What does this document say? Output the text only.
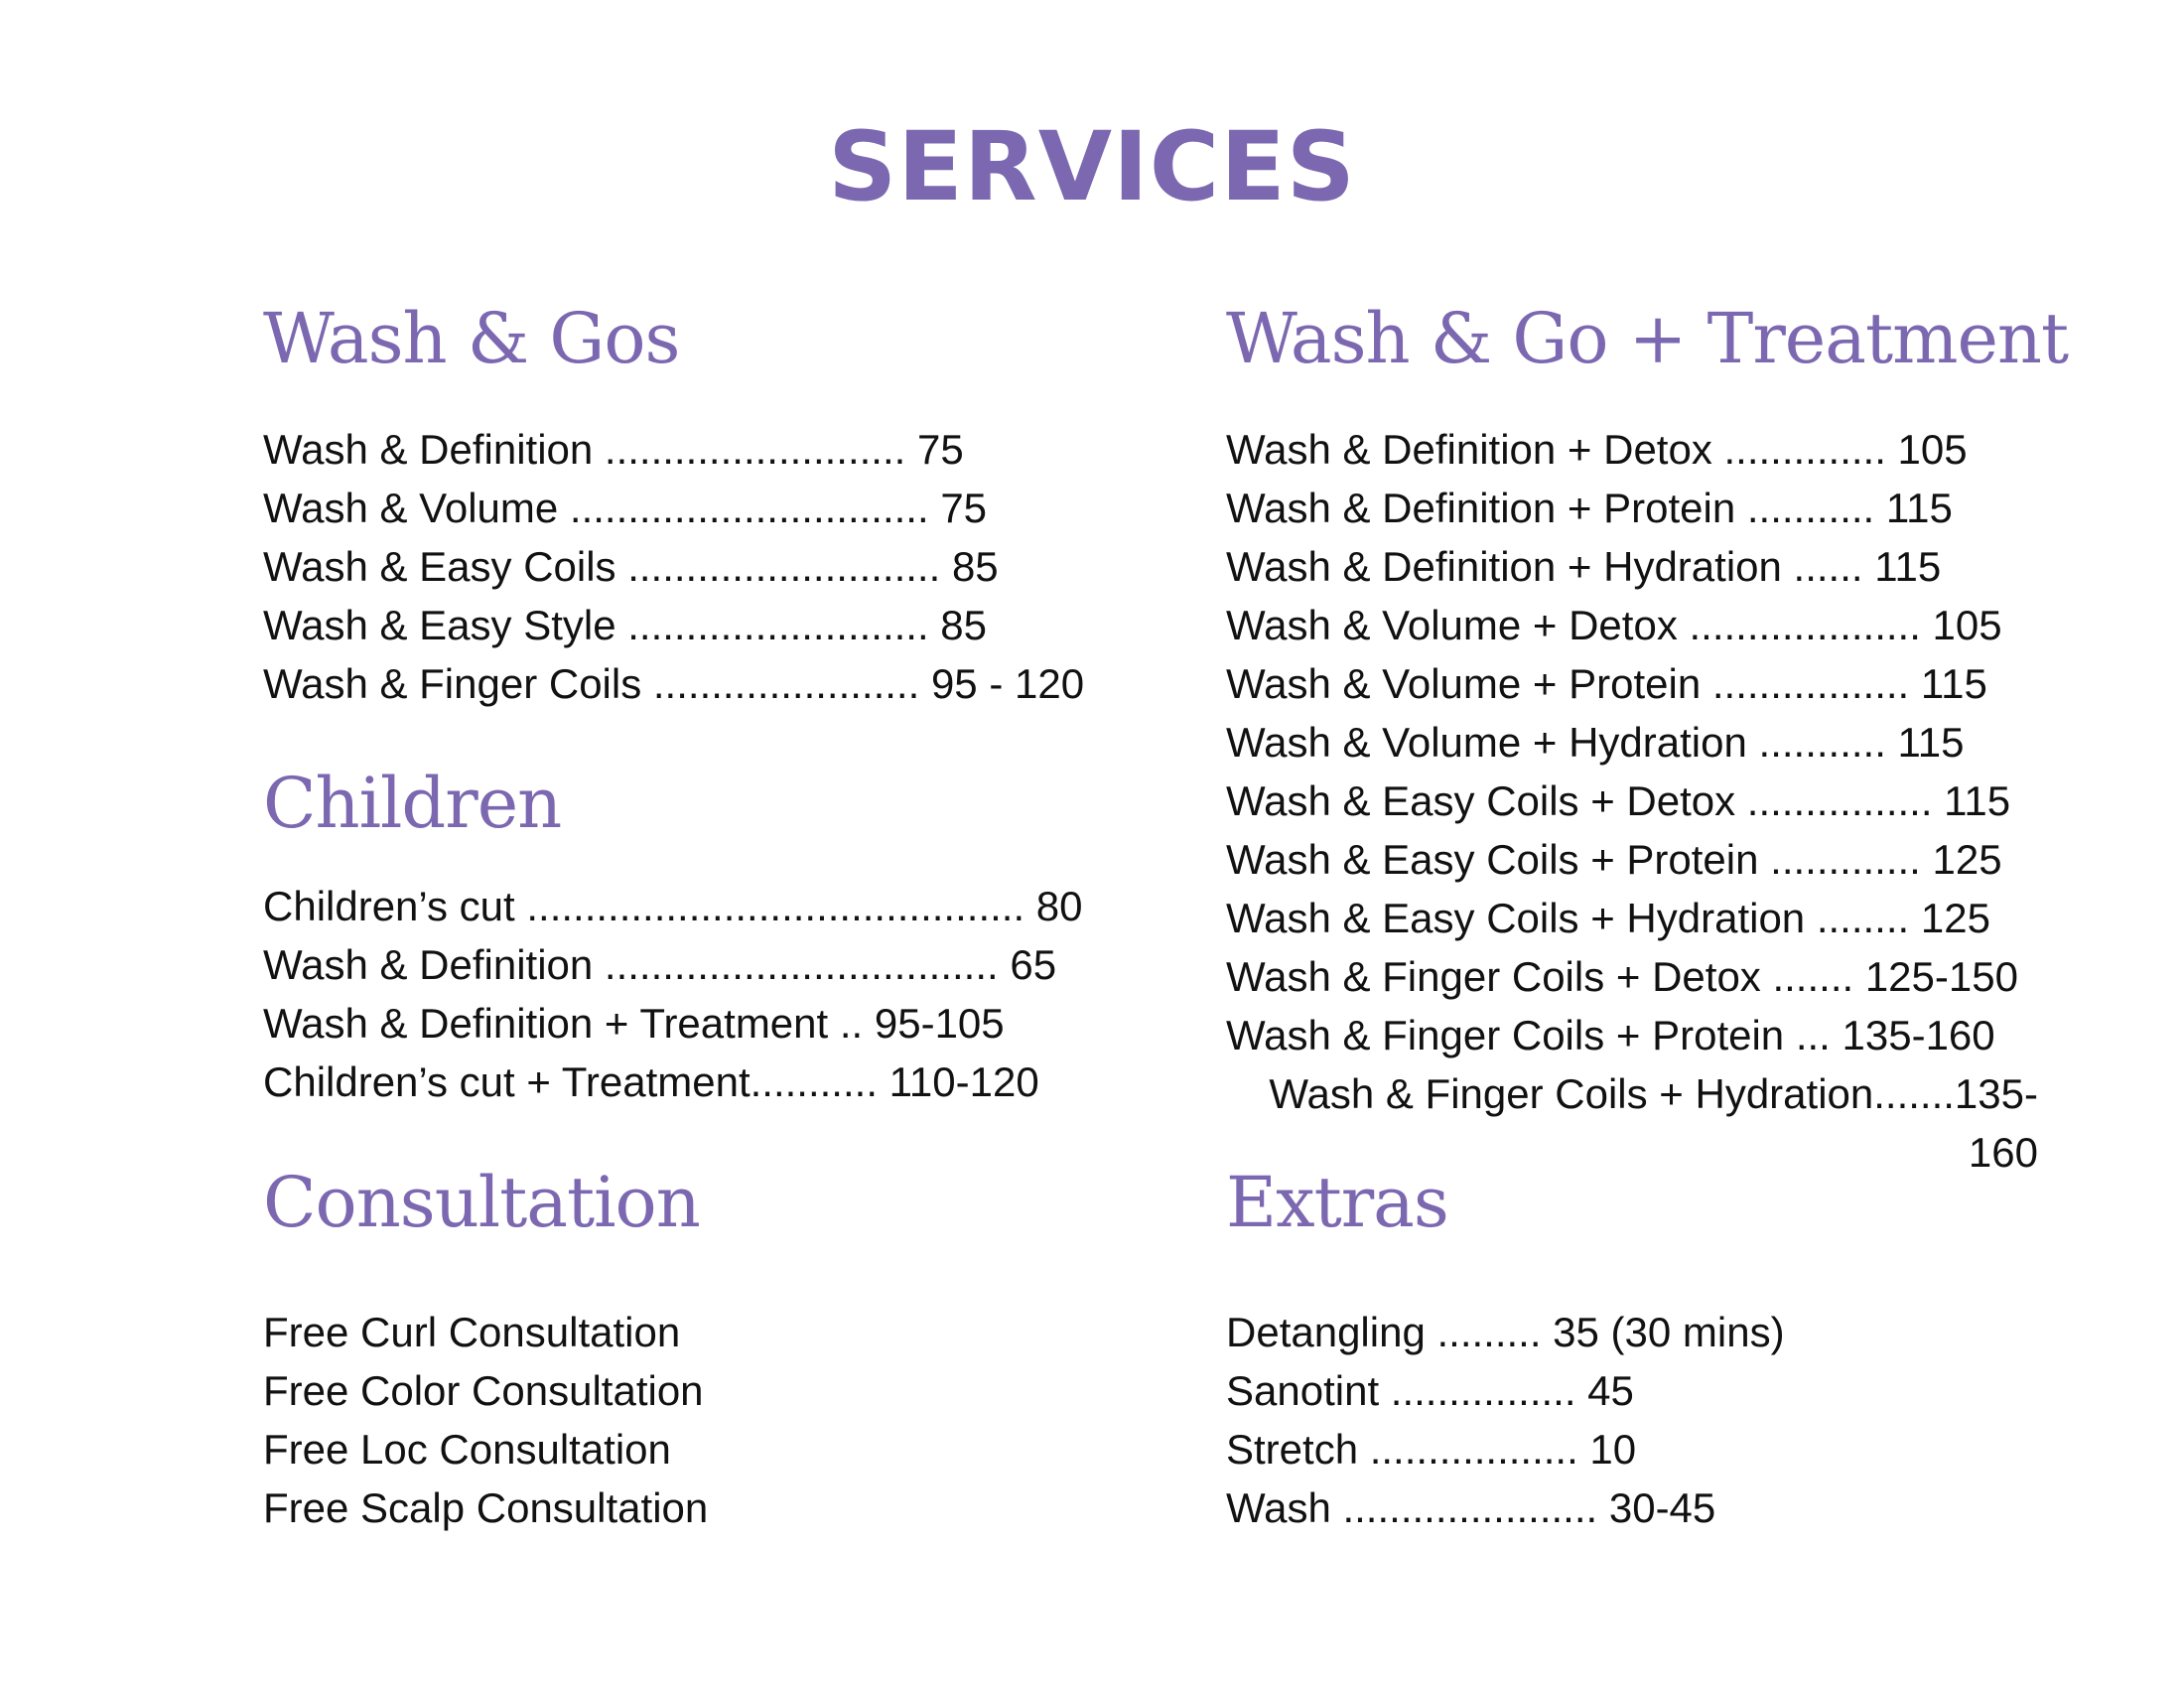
SERVICES
Wash & Gos
Wash & Definition .......................... 75
Wash & Volume ............................... 75
Wash & Easy Coils ........................... 85
Wash & Easy Style .......................... 85
Wash & Finger Coils ....................... 95 - 120
Children
Children’s cut ........................................... 80
Wash & Definition .................................. 65
Wash & Definition + Treatment .. 95-105
Children’s cut + Treatment........... 110-120
Consultation
Free Curl Consultation
Free Color Consultation
Free Loc Consultation
Free Scalp Consultation
Wash & Go + Treatment
Wash & Definition + Detox .............. 105
Wash & Definition + Protein ........... 115
Wash & Definition + Hydration ...... 115
Wash & Volume + Detox .................... 105
Wash & Volume + Protein ................. 115
Wash & Volume + Hydration ........... 115
Wash & Easy Coils + Detox ................ 115
Wash & Easy Coils + Protein ............. 125
Wash & Easy Coils + Hydration ........ 125
Wash & Finger Coils + Detox ....... 125-150
Wash & Finger Coils + Protein ... 135-160
Wash & Finger Coils + Hydration.......135-160
Extras
Detangling ......... 35 (30 mins)
Sanotint ................ 45
Stretch .................. 10
Wash ...................... 30-45
